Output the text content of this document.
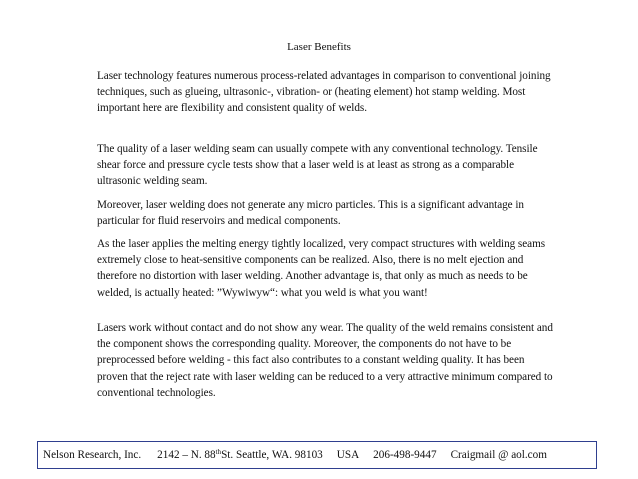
Laser Benefits

Laser technology features numerous process-related advantages in comparison to conventional joining techniques, such as glueing, ultrasonic-, vibration- or (heating element) hot stamp welding. Most important here are flexibility and consistent quality of welds.

The quality of a laser welding seam can usually compete with any conventional technology. Tensile shear force and pressure cycle tests show that a laser weld is at least as strong as a comparable ultrasonic welding seam.

Moreover, laser welding does not generate any micro particles. This is a significant advantage in particular for fluid reservoirs and medical components.

As the laser applies the melting energy tightly localized, very compact structures with welding seams extremely close to heat-sensitive components can be realized. Also, there is no melt ejection and therefore no distortion with laser welding. Another advantage is, that only as much as needs to be welded, is actually heated: ”Wywiwyw“: what you weld is what you want!

Lasers work without contact and do not show any wear. The quality of the weld remains consistent and the component shows the corresponding quality. Moreover, the components do not have to be preprocessed before welding - this fact also contributes to a constant welding quality. It has been proven that the reject rate with laser welding can be reduced to a very attractive minimum compared to conventional technologies.

Nelson Research, Inc. 2142 – N. 88thSt. Seattle, WA. 98103 USA 206-498-9447 Craigmail @ aol.com
